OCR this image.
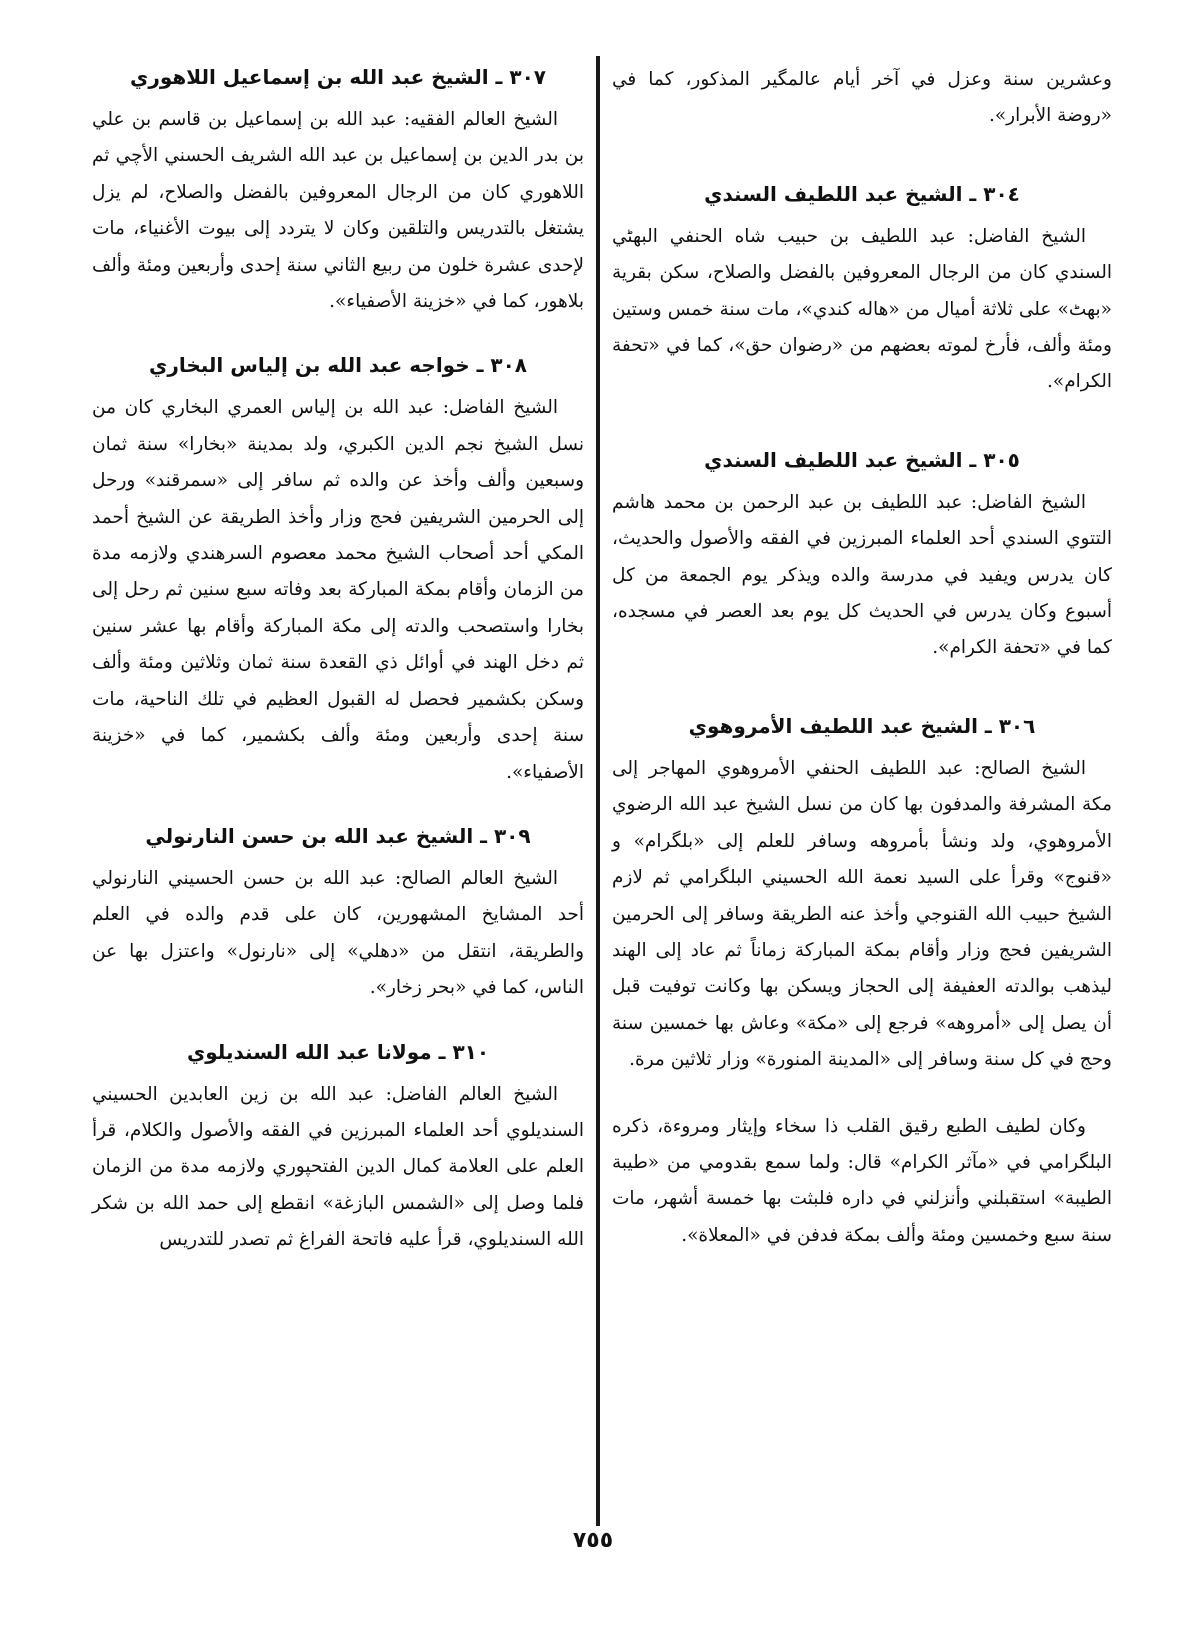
وعشرين سنة وعزل في آخر أيام عالمگير المذكور، كما في «روضة الأبرار».

٣٠٤ ـ الشيخ عبد اللطيف السندي

الشيخ الفاضل: عبد اللطيف بن حبيب شاه الحنفي البهٹي السندي كان من الرجال المعروفين بالفضل والصلاح، سكن بقرية «بهٹ» على ثلاثة أميال من «هاله كندي»، مات سنة خمس وستين ومئة وألف، فأرخ لموته بعضهم من «رضوان حق»، كما في «تحفة الكرام».

٣٠٥ ـ الشيخ عبد اللطيف السندي

الشيخ الفاضل: عبد اللطيف بن عبد الرحمن بن محمد هاشم التتوي السندي أحد العلماء المبرزين في الفقه والأصول والحديث، كان يدرس ويفيد في مدرسة والده ويذكر يوم الجمعة من كل أسبوع وكان يدرس في الحديث كل يوم بعد العصر في مسجده، كما في «تحفة الكرام».

٣٠٦ ـ الشيخ عبد اللطيف الأمروهوي

الشيخ الصالح: عبد اللطيف الحنفي الأمروهوي المهاجر إلى مكة المشرفة والمدفون بها كان من نسل الشيخ عبد الله الرضوي الأمروهوي، ولد ونشأ بأمروهه وسافر للعلم إلى «بلگرام» و «قنوج» وقرأ على السيد نعمة الله الحسيني البلگرامي ثم لازم الشيخ حبيب الله القنوجي وأخذ عنه الطريقة وسافر إلى الحرمين الشريفين فحج وزار وأقام بمكة المباركة زماناً ثم عاد إلى الهند ليذهب بوالدته العفيفة إلى الحجاز ويسكن بها وكانت توفيت قبل أن يصل إلى «أمروهه» فرجع إلى «مكة» وعاش بها خمسين سنة وحج في كل سنة وسافر إلى «المدينة المنورة» وزار ثلاثين مرة.

وكان لطيف الطبع رقيق القلب ذا سخاء وإيثار ومروءة، ذكره البلگرامي في «مآثر الكرام» قال: ولما سمع بقدومي من «طيبة الطيبة» استقبلني وأنزلني في داره فلبثت بها خمسة أشهر، مات سنة سبع وخمسين ومئة وألف بمكة فدفن في «المعلاة».

٣٠٧ ـ الشيخ عبد الله بن إسماعيل اللاهوري

الشيخ العالم الفقيه: عبد الله بن إسماعيل بن قاسم بن علي بن بدر الدين بن إسماعيل بن عبد الله الشريف الحسني الأچي ثم اللاهوري كان من الرجال المعروفين بالفضل والصلاح، لم يزل يشتغل بالتدريس والتلقين وكان لا يتردد إلى بيوت الأغنياء، مات لإحدى عشرة خلون من ربيع الثاني سنة إحدى وأربعين ومئة وألف بلاهور، كما في «خزينة الأصفياء».

٣٠٨ ـ خواجه عبد الله بن إلياس البخاري

الشيخ الفاضل: عبد الله بن إلياس العمري البخاري كان من نسل الشيخ نجم الدين الكبري، ولد بمدينة «بخارا» سنة ثمان وسبعين وألف وأخذ عن والده ثم سافر إلى «سمرقند» ورحل إلى الحرمين الشريفين فحج وزار وأخذ الطريقة عن الشيخ أحمد المكي أحد أصحاب الشيخ محمد معصوم السرهندي ولازمه مدة من الزمان وأقام بمكة المباركة بعد وفاته سبع سنين ثم رحل إلى بخارا واستصحب والدته إلى مكة المباركة وأقام بها عشر سنين ثم دخل الهند في أوائل ذي القعدة سنة ثمان وثلاثين ومئة وألف وسكن بكشمير فحصل له القبول العظيم في تلك الناحية، مات سنة إحدى وأربعين ومئة وألف بكشمير، كما في «خزينة الأصفياء».

٣٠٩ ـ الشيخ عبد الله بن حسن النارنولي

الشيخ العالم الصالح: عبد الله بن حسن الحسيني النارنولي أحد المشايخ المشهورين، كان على قدم والده في العلم والطريقة، انتقل من «دهلي» إلى «نارنول» واعتزل بها عن الناس، كما في «بحر زخار».

٣١٠ ـ مولانا عبد الله السنديلوي

الشيخ العالم الفاضل: عبد الله بن زين العابدين الحسيني السنديلوي أحد العلماء المبرزين في الفقه والأصول والكلام، قرأ العلم على العلامة كمال الدين الفتحپوري ولازمه مدة من الزمان فلما وصل إلى «الشمس البازغة» انقطع إلى حمد الله بن شكر الله السنديلوي، قرأ عليه فاتحة الفراغ ثم تصدر للتدريس

٧٥٥
